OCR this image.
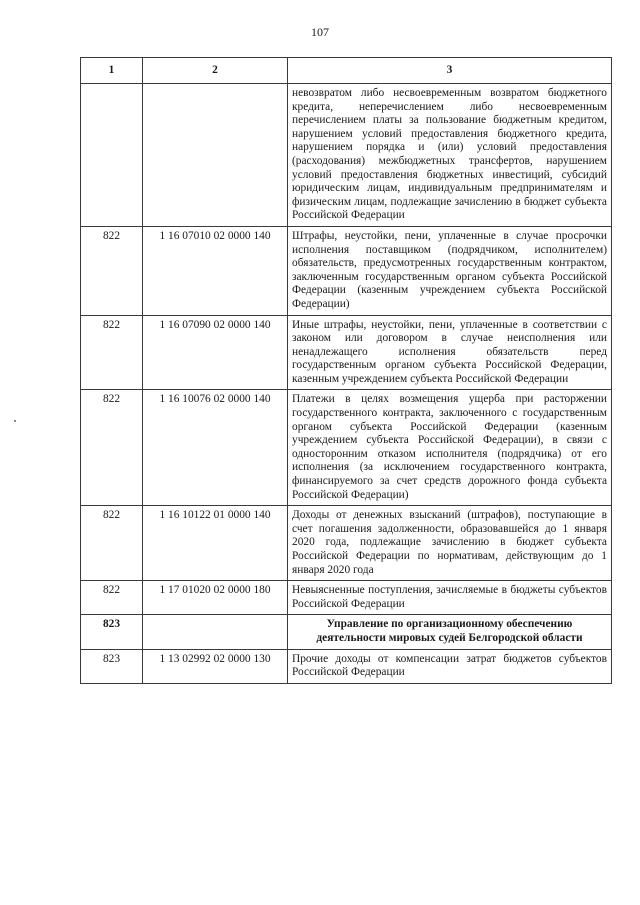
107
1	2	3
		невозвратом либо несвоевременным возвратом бюджетного кредита, неперечислением либо несвоевременным перечислением платы за пользование бюджетным кредитом, нарушением условий предоставления бюджетного кредита, нарушением порядка и (или) условий предоставления (расходования) межбюджетных трансфертов, нарушением условий предоставления бюджетных инвестиций, субсидий юридическим лицам, индивидуальным предпринимателям и физическим лицам, подлежащие зачислению в бюджет субъекта Российской Федерации
822	1 16 07010 02 0000 140	Штрафы, неустойки, пени, уплаченные в случае просрочки исполнения поставщиком (подрядчиком, исполнителем) обязательств, предусмотренных государственным контрактом, заключенным государственным органом субъекта Российской Федерации (казенным учреждением субъекта Российской Федерации)
822	1 16 07090 02 0000 140	Иные штрафы, неустойки, пени, уплаченные в соответствии с законом или договором в случае неисполнения или ненадлежащего исполнения обязательств перед государственным органом субъекта Российской Федерации, казенным учреждением субъекта Российской Федерации
822	1 16 10076 02 0000 140	Платежи в целях возмещения ущерба при расторжении государственного контракта, заключенного с государственным органом субъекта Российской Федерации (казенным учреждением субъекта Российской Федерации), в связи с односторонним отказом исполнителя (подрядчика) от его исполнения (за исключением государственного контракта, финансируемого за счет средств дорожного фонда субъекта Российской Федерации)
822	1 16 10122 01 0000 140	Доходы от денежных взысканий (штрафов), поступающие в счет погашения задолженности, образовавшейся до 1 января 2020 года, подлежащие зачислению в бюджет субъекта Российской Федерации по нормативам, действующим до 1 января 2020 года
822	1 17 01020 02 0000 180	Невыясненные поступления, зачисляемые в бюджеты субъектов Российской Федерации
823		Управление по организационному обеспечению деятельности мировых судей Белгородской области
823	1 13 02992 02 0000 130	Прочие доходы от компенсации затрат бюджетов субъектов Российской Федерации
